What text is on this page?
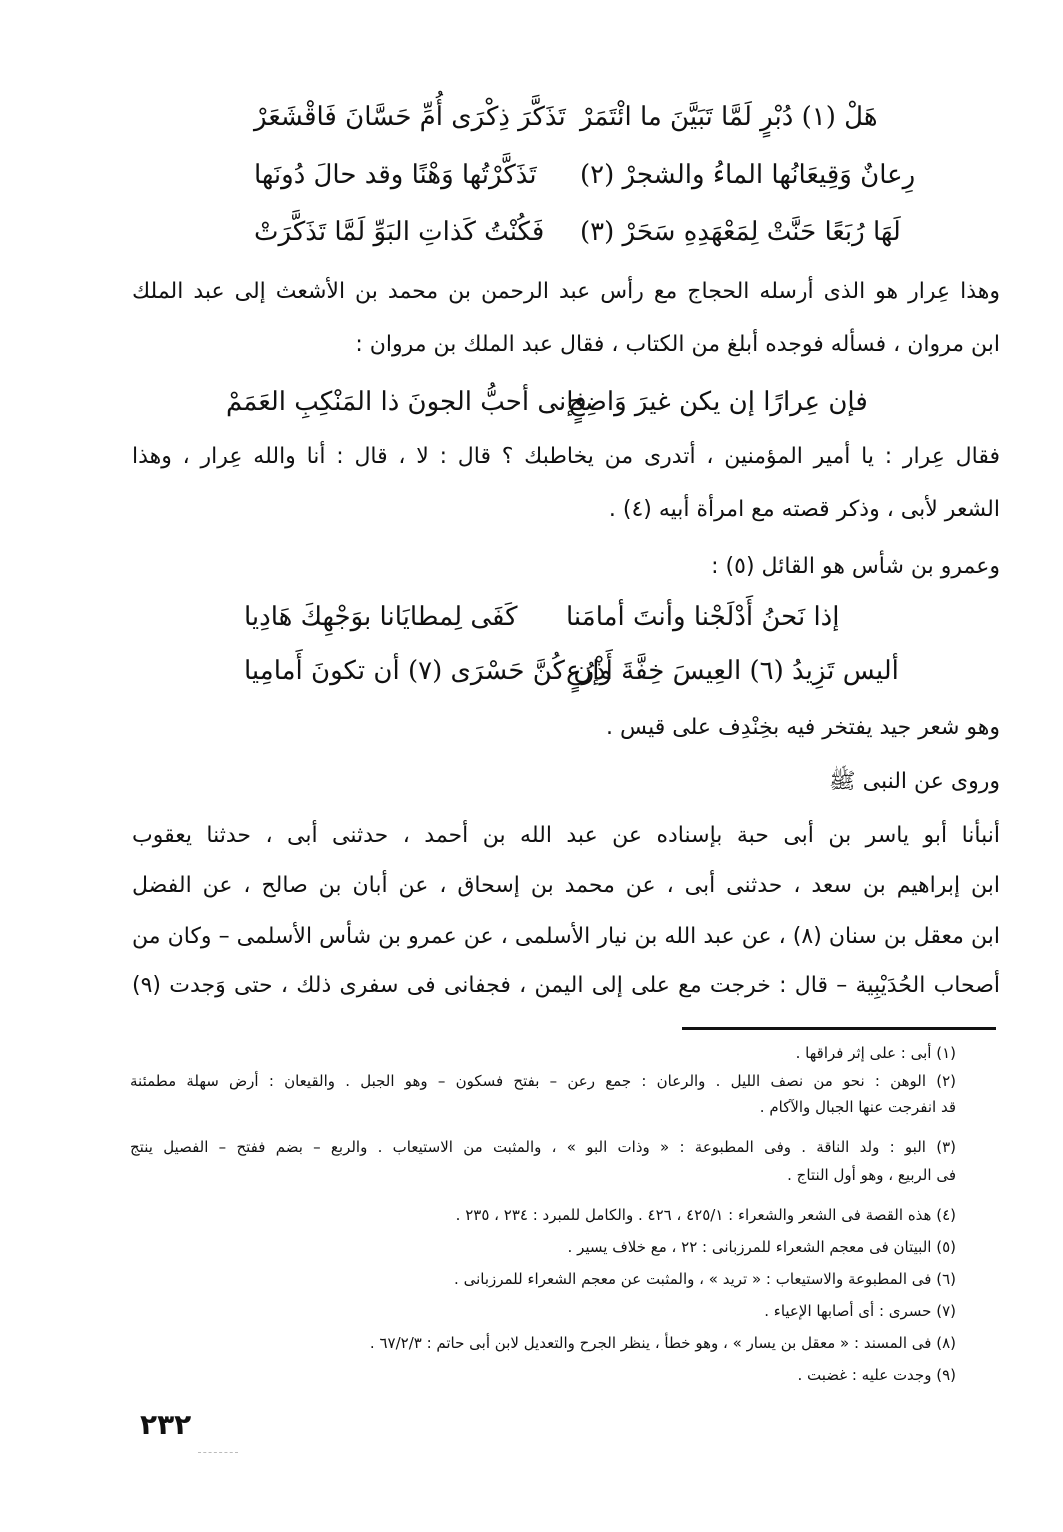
هَلْ (١) دُبْرٍ لَمَّا تَبَيَّنَ ما ائْتَمَرْ
تَذَكَّرَ ذِكْرَى أُمِّ حَسَّانَ فَاقْشَعَرْ
رِعانٌ وَقِيعَانُها الماءُ والشجرْ (٢)
تَذَكَّرْتُها وَهْنًا وقد حالَ دُونَها
لَهَا رُبَعًا حَنَّتْ لِمَعْهَدِهِ سَحَرْ (٣)
فَكُنْتُ كَذاتِ البَوِّ لَمَّا تَذَكَّرَتْ
وهذا عِرار هو الذى أرسله الحجاج مع رأس عبد الرحمن بن محمد بن الأشعث إلى عبد الملك
ابن مروان ، فسأله فوجده أبلغ من الكتاب ، فقال عبد الملك بن مروان :
فإن عِرارًا إن يكن غيرَ وَاضِحٍ
فإنى أحبُّ الجونَ ذا المَنْكِبِ العَمَمْ
فقال عِرار : يا أمير المؤمنين ، أتدرى من يخاطبك ؟ قال : لا ، قال : أنا والله عِرار ، وهذا
الشعر لأبى ، وذكر قصته مع امرأة أبيه (٤) .
وعمرو بن شأس هو القائل (٥) :
إذا نَحنُ أَدْلَجْنا وأنتَ أمامَنا
كَفَى لِمطايَانا بوَجْهِكَ هَادِيا
أليس تَزِيدُ (٦) العِيسَ خِفَّةَ أَذْرُعٍ
وإن كُنَّ حَسْرَى (٧) أن تكونَ أَمامِيا
وهو شعر جيد يفتخر فيه بخِنْدِف على قيس .
وروى عن النبى ﷺ
أنبأنا أبو ياسر بن أبى حبة بإسناده عن عبد الله بن أحمد ، حدثنى أبى ، حدثنا يعقوب
ابن إبراهيم بن سعد ، حدثنى أبى ، عن محمد بن إسحاق ، عن أبان بن صالح ، عن الفضل
ابن معقل بن سنان (٨) ، عن عبد الله بن نيار الأسلمى ، عن عمرو بن شأس الأسلمى – وكان من
أصحاب الحُدَيْبِية – قال : خرجت مع على إلى اليمن ، فجفانى فى سفرى ذلك ، حتى وَجدت (٩)
(١) أبى : على إثر فراقها .
(٢) الوهن : نحو من نصف الليل . والرعان : جمع رعن – بفتح فسكون – وهو الجبل . والقيعان : أرض سهلة مطمئنة
قد انفرجت عنها الجبال والآكام .
(٣) البو : ولد الناقة . وفى المطبوعة : « وذات البو » ، والمثبت من الاستيعاب . والربع – بضم ففتح – الفصيل ينتج
فى الربيع ، وهو أول النتاج .
(٤) هذه القصة فى الشعر والشعراء : ٤٢٥/١ ، ٤٢٦ . والكامل للمبرد : ٢٣٤ ، ٢٣٥ .
(٥) البيتان فى معجم الشعراء للمرزبانى : ٢٢ ، مع خلاف يسير .
(٦) فى المطبوعة والاستيعاب : « تريد » ، والمثبت عن معجم الشعراء للمرزبانى .
(٧) حسرى : أى أصابها الإعياء .
(٨) فى المسند : « معقل بن يسار » ، وهو خطأ ، ينظر الجرح والتعديل لابن أبى حاتم : ٦٧/٢/٣ .
(٩) وجدت عليه : غضبت .
٢٣٢
